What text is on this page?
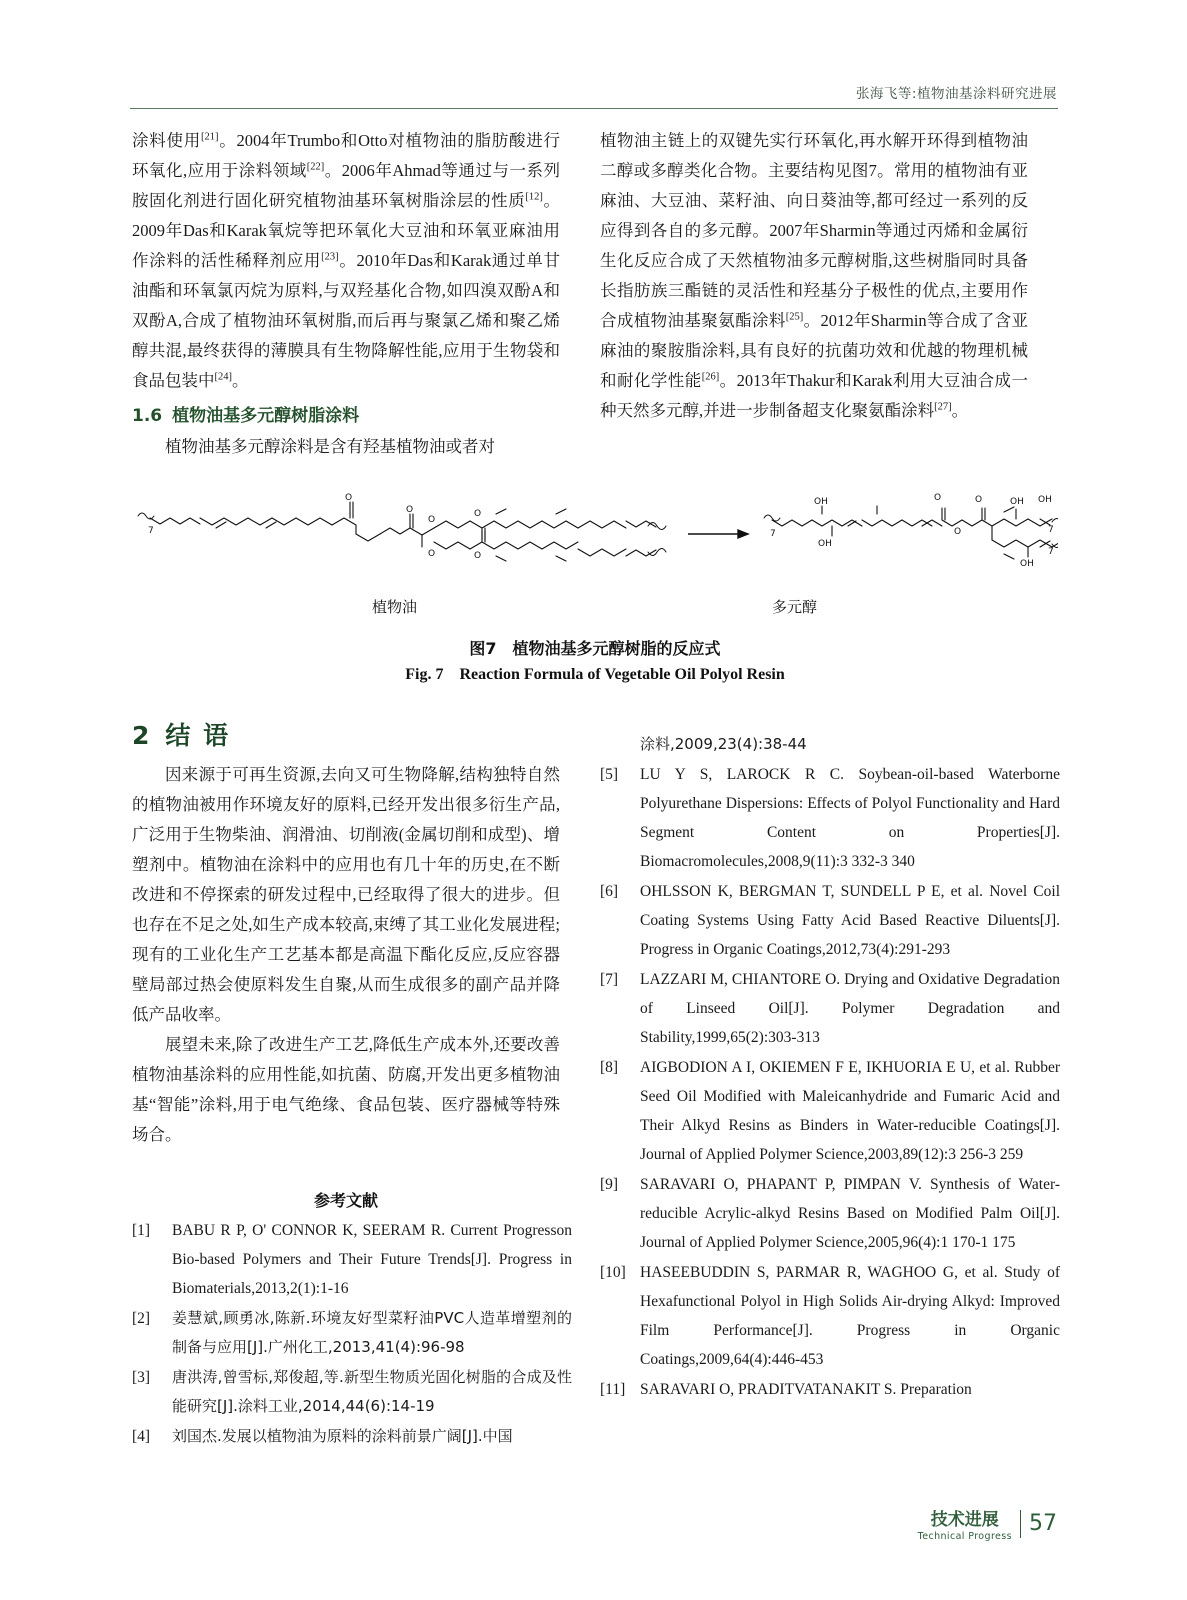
张海飞等:植物油基涂料研究进展

涂料使用[21]。2004年Trumbo和Otto对植物油的脂肪酸进行环氧化,应用于涂料领域[22]。2006年Ahmad等通过与一系列胺固化剂进行固化研究植物油基环氧树脂涂层的性质[12]。2009年Das和Karak氧烷等把环氧化大豆油和环氧亚麻油用作涂料的活性稀释剂应用[23]。2010年Das和Karak通过单甘油酯和环氧氯丙烷为原料,与双羟基化合物,如四溴双酚A和双酚A,合成了植物油环氧树脂,而后再与聚氯乙烯和聚乙烯醇共混,最终获得的薄膜具有生物降解性能,应用于生物袋和食品包装中[24]。

1.6 植物油基多元醇树脂涂料

植物油基多元醇涂料是含有羟基植物油或者对

植物油主链上的双键先实行环氧化,再水解开环得到植物油二醇或多醇类化合物。主要结构见图7。常用的植物油有亚麻油、大豆油、菜籽油、向日葵油等,都可经过一系列的反应得到各自的多元醇。2007年Sharmin等通过丙烯和金属衍生化反应合成了天然植物油多元醇树脂,这些树脂同时具备长指肪族三酯链的灵活性和羟基分子极性的优点,主要用作合成植物油基聚氨酯涂料[25]。2012年Sharmin等合成了含亚麻油的聚胺脂涂料,具有良好的抗菌功效和优越的物理机械和耐化学性能[26]。2013年Thakur和Karak利用大豆油合成一种天然多元醇,并进一步制备超支化聚氨酯涂料[27]。

7
O
O
O
O
O
O
7
OH
OH
O	O
O
OH OH
OH
7
7
植物油	多元醇
图7　植物油基多元醇树脂的反应式
Fig. 7　Reaction Formula of Vegetable Oil Polyol Resin
2 结 语

因来源于可再生资源,去向又可生物降解,结构独特自然的植物油被用作环境友好的原料,已经开发出很多衍生产品,广泛用于生物柴油、润滑油、切削液(金属切削和成型)、增塑剂中。植物油在涂料中的应用也有几十年的历史,在不断改进和不停探索的研发过程中,已经取得了很大的进步。但也存在不足之处,如生产成本较高,束缚了其工业化发展进程;现有的工业化生产工艺基本都是高温下酯化反应,反应容器壁局部过热会使原料发生自聚,从而生成很多的副产品并降低产品收率。

展望未来,除了改进生产工艺,降低生产成本外,还要改善植物油基涂料的应用性能,如抗菌、防腐,开发出更多植物油基“智能”涂料,用于电气绝缘、食品包装、医疗器械等特殊场合。

参考文献
[1]	BABU R P, O' CONNOR K, SEERAM R. Current Progresson Bio-based Polymers and Their Future Trends[J]. Progress in Biomaterials,2013,2(1):1-16
[2]	姜慧斌,顾勇冰,陈新.环境友好型菜籽油PVC人造革增塑剂的制备与应用[J].广州化工,2013,41(4):96-98
[3]	唐洪涛,曾雪标,郑俊超,等.新型生物质光固化树脂的合成及性能研究[J].涂料工业,2014,44(6):14-19
[4]	刘国杰.发展以植物油为原料的涂料前景广阔[J].中国
涂料,2009,23(4):38-44
[5]	LU Y S, LAROCK R C. Soybean-oil-based Waterborne Polyurethane Dispersions: Effects of Polyol Functionality and Hard Segment Content on Properties[J]. Biomacromolecules,2008,9(11):3 332-3 340
[6]	OHLSSON K, BERGMAN T, SUNDELL P E, et al. Novel Coil Coating Systems Using Fatty Acid Based Reactive Diluents[J]. Progress in Organic Coatings,2012,73(4):291-293
[7]	LAZZARI M, CHIANTORE O. Drying and Oxidative Degradation of Linseed Oil[J]. Polymer Degradation and Stability,1999,65(2):303-313
[8]	AIGBODION A I, OKIEMEN F E, IKHUORIA E U, et al. Rubber Seed Oil Modified with Maleicanhydride and Fumaric Acid and Their Alkyd Resins as Binders in Water-reducible Coatings[J]. Journal of Applied Polymer Science,2003,89(12):3 256-3 259
[9]	SARAVARI O, PHAPANT P, PIMPAN V. Synthesis of Water-reducible Acrylic-alkyd Resins Based on Modified Palm Oil[J]. Journal of Applied Polymer Science,2005,96(4):1 170-1 175
[10] HASEEBUDDIN S, PARMAR R, WAGHOO G, et al. Study of Hexafunctional Polyol in High Solids Air-drying Alkyd: Improved Film Performance[J]. Progress in Organic Coatings,2009,64(4):446-453
[11] SARAVARI O, PRADITVATANAKIT S. Preparation
技术进展
Technical Progress
57
